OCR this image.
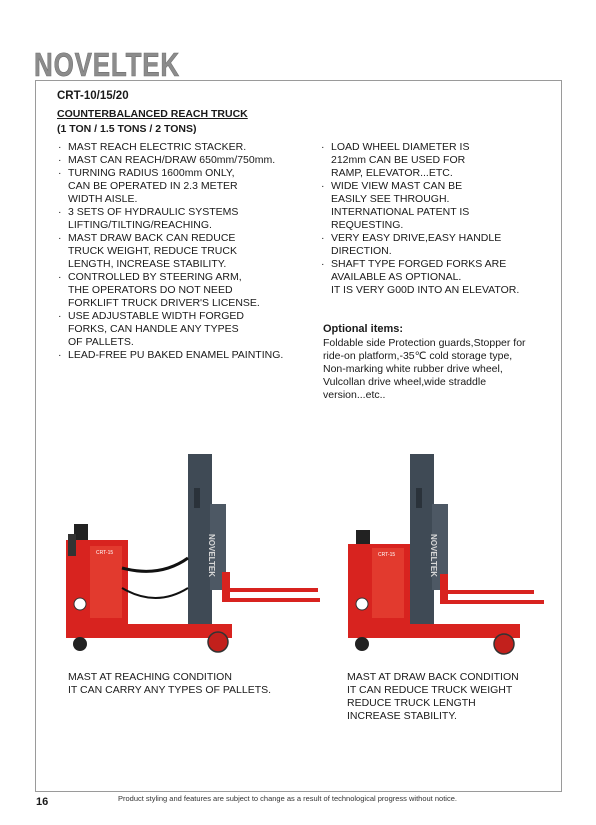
NOVELTEK
CRT-10/15/20
COUNTERBALANCED REACH TRUCK
(1 TON / 1.5 TONS / 2 TONS)
· MAST REACH ELECTRIC STACKER.
· MAST CAN REACH/DRAW 650mm/750mm.
· TURNING RADIUS 1600mm ONLY,
CAN BE OPERATED IN 2.3 METER
WIDTH AISLE.
· 3 SETS OF HYDRAULIC SYSTEMS
LIFTING/TILTING/REACHING.
· MAST DRAW BACK CAN REDUCE
TRUCK WEIGHT, REDUCE TRUCK
LENGTH, INCREASE STABILITY.
· CONTROLLED BY STEERING ARM,
THE OPERATORS DO NOT NEED
FORKLIFT TRUCK DRIVER'S LICENSE.
· USE ADJUSTABLE WIDTH FORGED
FORKS, CAN HANDLE ANY TYPES
OF PALLETS.
· LEAD-FREE PU BAKED ENAMEL PAINTING.
· LOAD WHEEL DIAMETER IS
212mm CAN BE USED FOR
RAMP, ELEVATOR...ETC.
· WIDE VIEW MAST CAN BE
EASILY SEE THROUGH.
INTERNATIONAL PATENT IS
REQUESTING.
· VERY EASY DRIVE,EASY HANDLE
DIRECTION.
· SHAFT TYPE FORGED FORKS ARE
AVAILABLE AS OPTIONAL.
IT IS VERY G00D INTO AN ELEVATOR.
Optional items:
Foldable side Protection guards,Stopper for
ride-on platform,-35℃ cold storage type,
Non-marking white rubber drive wheel,
Vulcollan drive wheel,wide straddle
version...etc..
NOVELTEK
CRT-15	NOVELTEK
CRT-15
MAST AT REACHING CONDITION
IT CAN CARRY ANY TYPES OF PALLETS.
MAST AT DRAW BACK CONDITION
IT CAN REDUCE TRUCK WEIGHT
REDUCE TRUCK LENGTH
INCREASE STABILITY.
16	Product styling and features are subject to change as a result of technological progress without notice.
